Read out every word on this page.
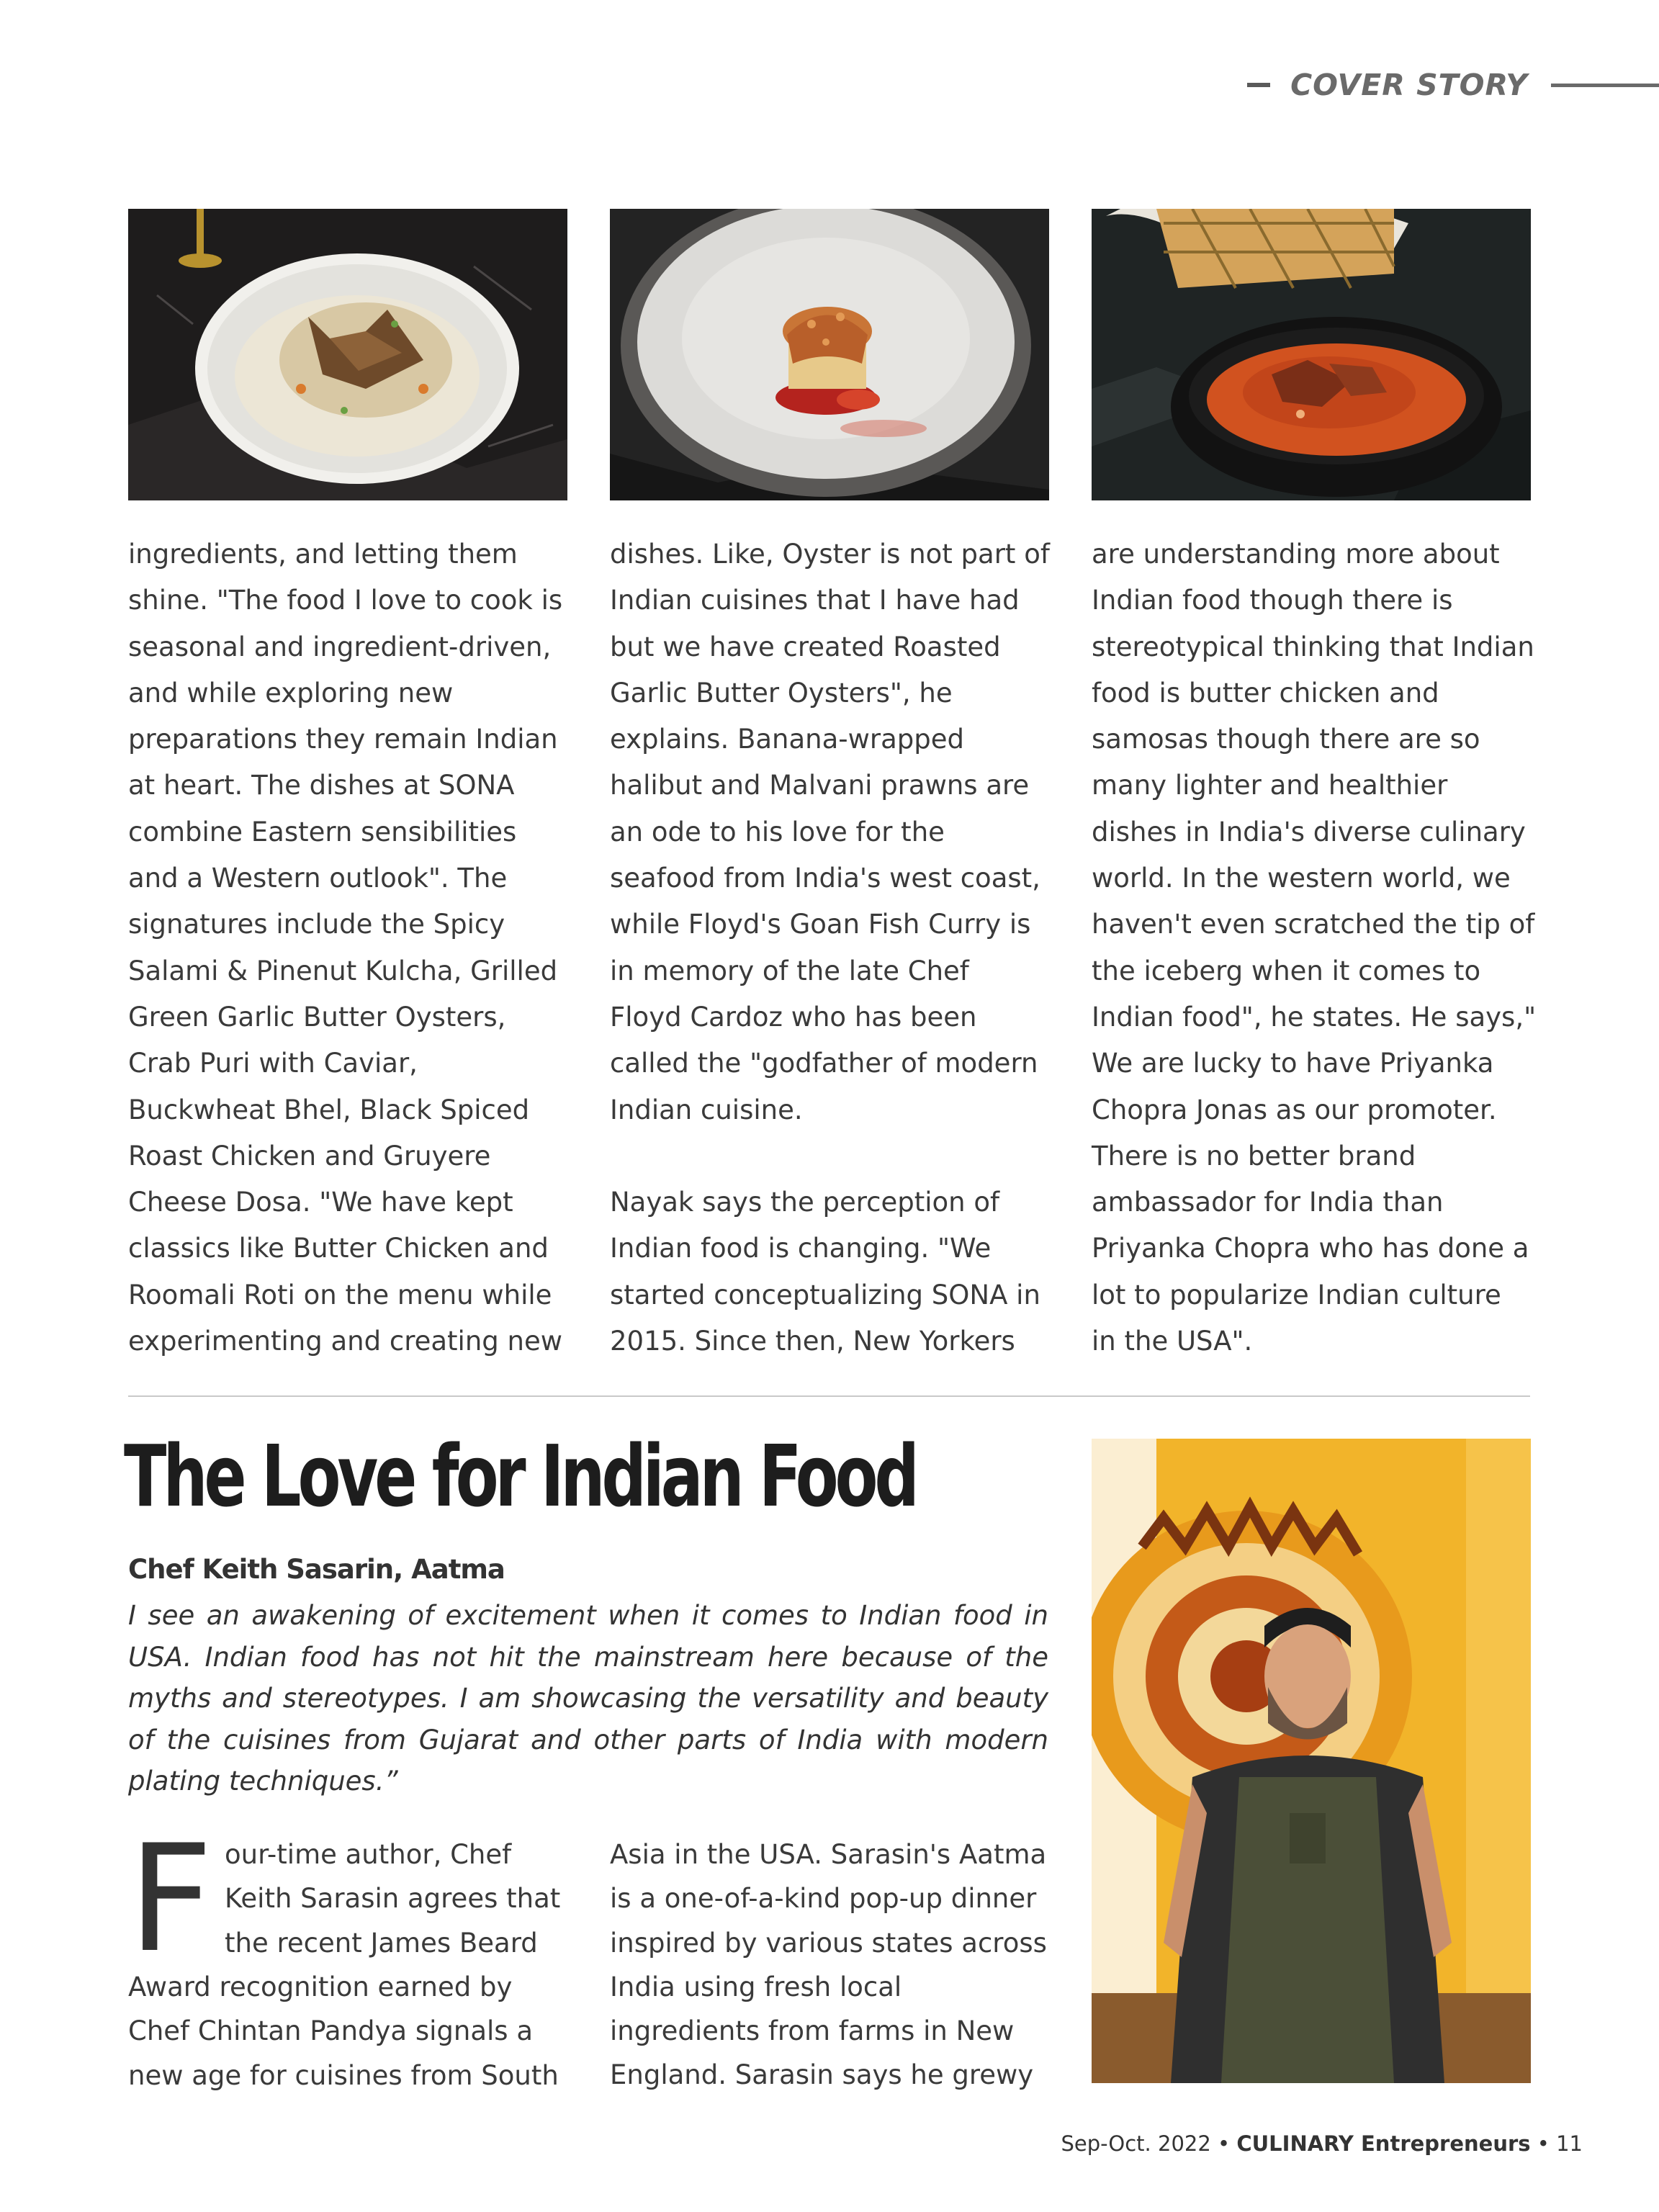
COVER STORY

ingredients, and letting them
shine. "The food I love to cook is
seasonal and ingredient-driven,
and while exploring new
preparations they remain Indian
at heart. The dishes at SONA
combine Eastern sensibilities
and a Western outlook". The
signatures include the Spicy
Salami & Pinenut Kulcha, Grilled
Green Garlic Butter Oysters,
Crab Puri with Caviar,
Buckwheat Bhel, Black Spiced
Roast Chicken and Gruyere
Cheese Dosa. "We have kept
classics like Butter Chicken and
Roomali Roti on the menu while
experimenting and creating new

dishes. Like, Oyster is not part of
Indian cuisines that I have had
but we have created Roasted
Garlic Butter Oysters", he
explains. Banana-wrapped
halibut and Malvani prawns are
an ode to his love for the
seafood from India's west coast,
while Floyd's Goan Fish Curry is
in memory of the late Chef
Floyd Cardoz who has been
called the "godfather of modern
Indian cuisine.

Nayak says the perception of
Indian food is changing. "We
started conceptualizing SONA in
2015. Since then, New Yorkers

are understanding more about
Indian food though there is
stereotypical thinking that Indian
food is butter chicken and
samosas though there are so
many lighter and healthier
dishes in India's diverse culinary
world. In the western world, we
haven't even scratched the tip of
the iceberg when it comes to
Indian food", he states. He says,"
We are lucky to have Priyanka
Chopra Jonas as our promoter.
There is no better brand
ambassador for India than
Priyanka Chopra who has done a
lot to popularize Indian culture
in the USA".

The Love for Indian Food
Chef Keith Sasarin, Aatma

I see an awakening of excitement when it comes to Indian food in USA. Indian food has not hit the mainstream here because of the myths and stereotypes. I am showcasing the versatility and beauty of the cuisines from Gujarat and other parts of India with modern plating techniques.”

F our-time author, Chef
Keith Sarasin agrees that
the recent James Beard

Award recognition earned by
Chef Chintan Pandya signals a
new age for cuisines from South

Asia in the USA. Sarasin's Aatma
is a one-of-a-kind pop-up dinner
inspired by various states across
India using fresh local
ingredients from farms in New
England. Sarasin says he grewy

Sep-Oct. 2022 • CULINARY Entrepreneurs • 11
